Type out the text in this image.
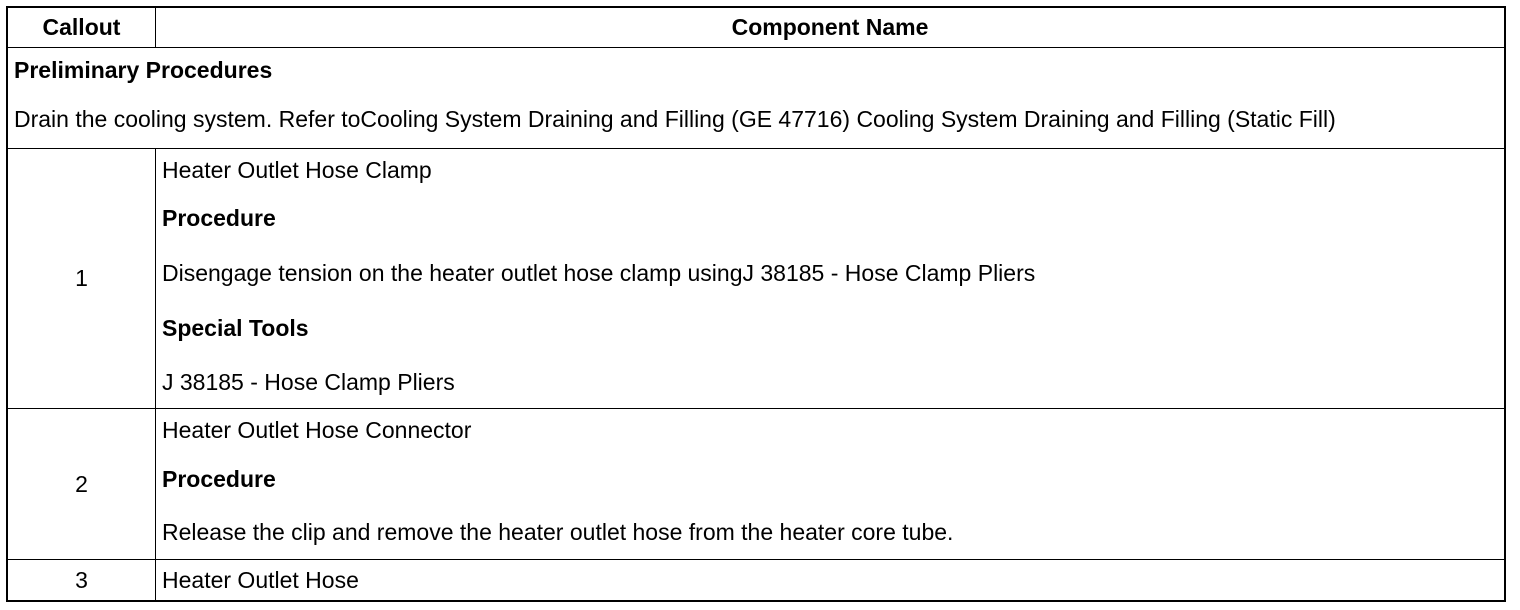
Callout	Component Name

Preliminary Procedures
Drain the cooling system. Refer toCooling System Draining and Filling (GE 47716) Cooling System Draining and Filling (Static Fill)	

1	Heater Outlet Hose Clamp
Procedure
Disengage tension on the heater outlet hose clamp usingJ 38185 - Hose Clamp Pliers
Special Tools
J 38185 - Hose Clamp Pliers

2	Heater Outlet Hose Connector
Procedure
Release the clip and remove the heater outlet hose from the heater core tube.

3	Heater Outlet Hose
